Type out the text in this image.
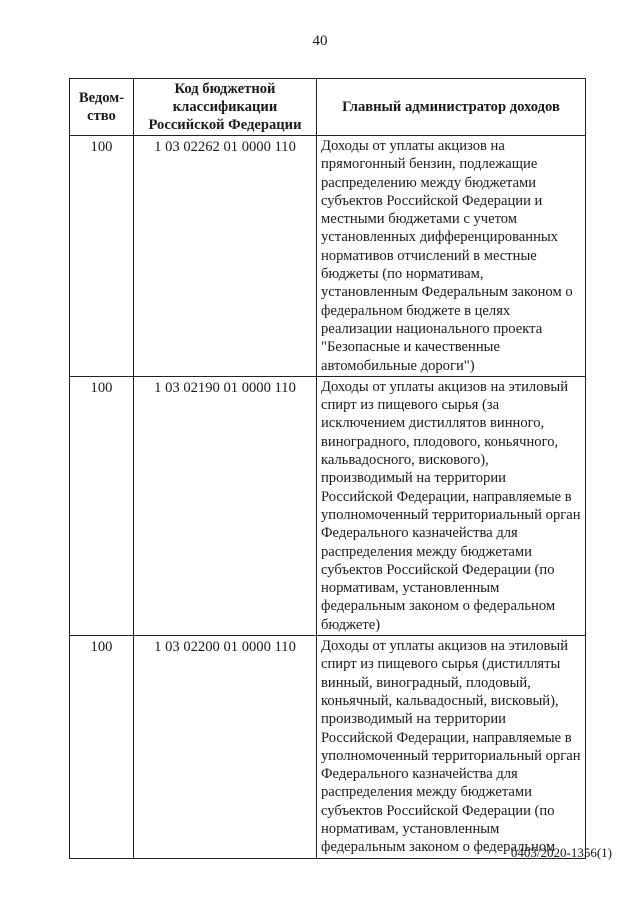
40
Ведом-ство	Код бюджетной классификации Российской Федерации	Главный администратор доходов
100	1 03 02262 01 0000 110	Доходы от уплаты акцизов на прямогонный бензин, подлежащие распределению между бюджетами субъектов Российской Федерации и местными бюджетами с учетом установленных дифференцированных нормативов отчислений в местные бюджеты (по нормативам, установленным Федеральным законом о федеральном бюджете в целях реализации национального проекта "Безопасные и качественные автомобильные дороги")
100	1 03 02190 01 0000 110	Доходы от уплаты акцизов на этиловый спирт из пищевого сырья (за исключением дистиллятов винного, виноградного, плодового, коньячного, кальвадосного, вискового), производимый на территории Российской Федерации, направляемые в уполномоченный территориальный орган Федерального казначейства для распределения между бюджетами субъектов Российской Федерации (по нормативам, установленным федеральным законом о федеральном бюджете)
100	1 03 02200 01 0000 110	Доходы от уплаты акцизов на этиловый спирт из пищевого сырья (дистилляты винный, виноградный, плодовый, коньячный, кальвадосный, висковый), производимый на территории Российской Федерации, направляемые в уполномоченный территориальный орган Федерального казначейства для распределения между бюджетами субъектов Российской Федерации (по нормативам, установленным федеральным законом о федеральном
0403/2020-1356(1)
